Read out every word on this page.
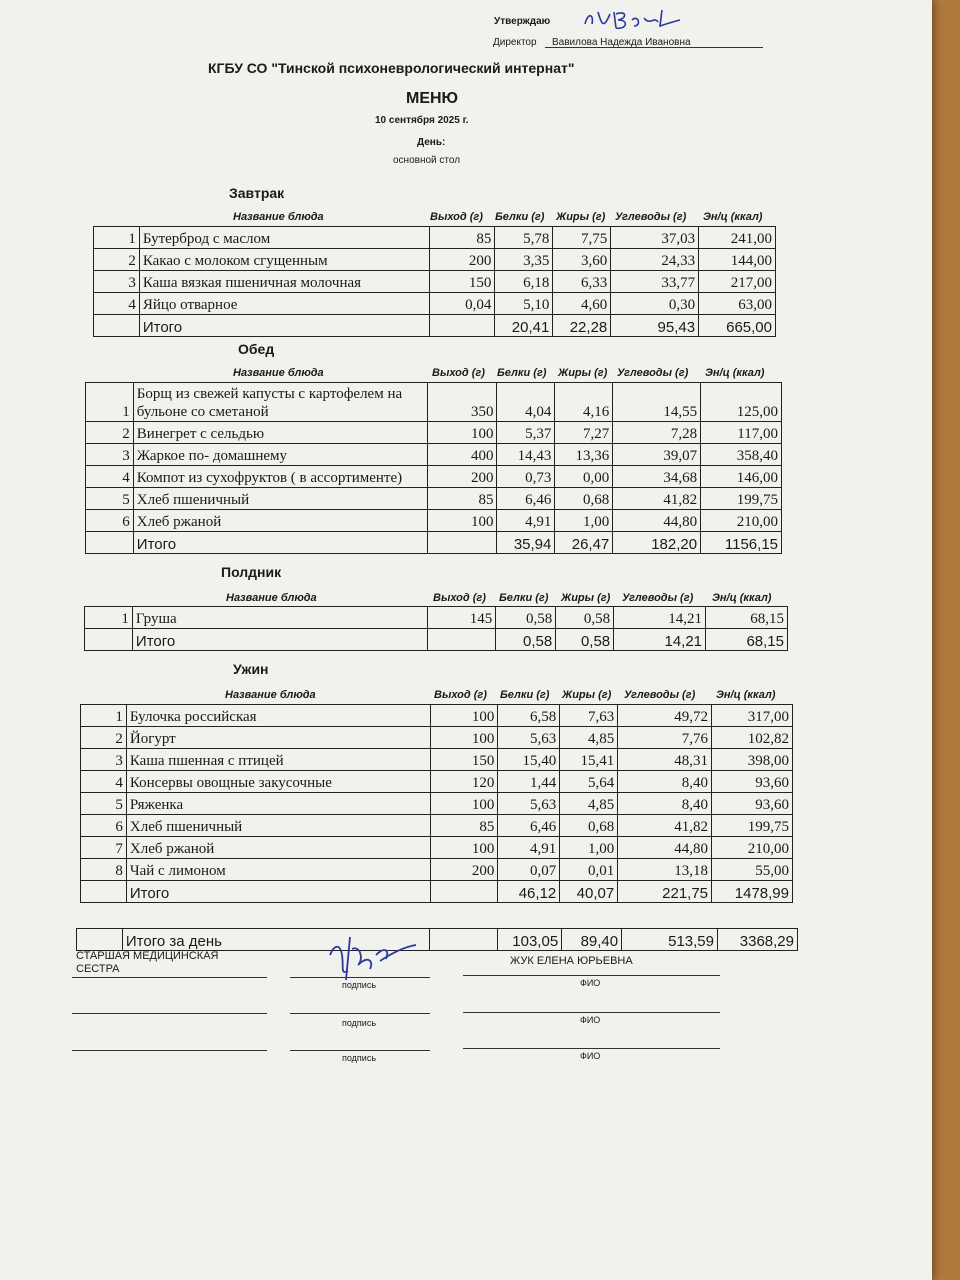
Утверждаю
Директор Вавилова Надежда Ивановна
КГБУ СО "Тинской психоневрологический интернат"
МЕНЮ
10 сентября 2025 г.
День:
основной стол
Завтрак
Название блюда	Выход (г) Белки (г) Жиры (г) Углеводы (г) Эн/ц (ккал)
1	Бутерброд с маслом	85	5,78	7,75	37,03	241,00
2	Какао с молоком сгущенным	200	3,35	3,60	24,33	144,00
3	Каша вязкая пшеничная молочная	150	6,18	6,33	33,77	217,00
4	Яйцо отварное	0,04	5,10	4,60	0,30	63,00
	Итого		20,41	22,28	95,43	665,00
Обед
Название блюда	Выход (г) Белки (г) Жиры (г) Углеводы (г) Эн/ц (ккал)
1	Борщ из свежей капусты с картофелем на
бульоне со сметаной	350	4,04	4,16	14,55	125,00
2	Винегрет с сельдью	100	5,37	7,27	7,28	117,00
3	Жаркое по- домашнему	400	14,43	13,36	39,07	358,40
4	Компот из сухофруктов ( в ассортименте)	200	0,73	0,00	34,68	146,00
5	Хлеб пшеничный	85	6,46	0,68	41,82	199,75
6	Хлеб ржаной	100	4,91	1,00	44,80	210,00
	Итого		35,94	26,47	182,20	1156,15
Полдник
Название блюда	Выход (г) Белки (г) Жиры (г) Углеводы (г) Эн/ц (ккал)
1	Груша	145	0,58	0,58	14,21	68,15
	Итого		0,58	0,58	14,21	68,15
Ужин
Название блюда	Выход (г) Белки (г) Жиры (г) Углеводы (г) Эн/ц (ккал)
1	Булочка российская	100	6,58	7,63	49,72	317,00
2	Йогурт	100	5,63	4,85	7,76	102,82
3	Каша пшенная с птицей	150	15,40	15,41	48,31	398,00
4	Консервы овощные закусочные	120	1,44	5,64	8,40	93,60
5	Ряженка	100	5,63	4,85	8,40	93,60
6	Хлеб пшеничный	85	6,46	0,68	41,82	199,75
7	Хлеб ржаной	100	4,91	1,00	44,80	210,00
8	Чай с лимоном	200	0,07	0,01	13,18	55,00
	Итого		46,12	40,07	221,75	1478,99
	Итого за день		103,05	89,40	513,59	3368,29
СТАРШАЯ МЕДИЦИНСКАЯ
СЕСТРА
подпись
ЖУК ЕЛЕНА ЮРЬЕВНА
ФИО
подпись	ФИО
подпись	ФИО
